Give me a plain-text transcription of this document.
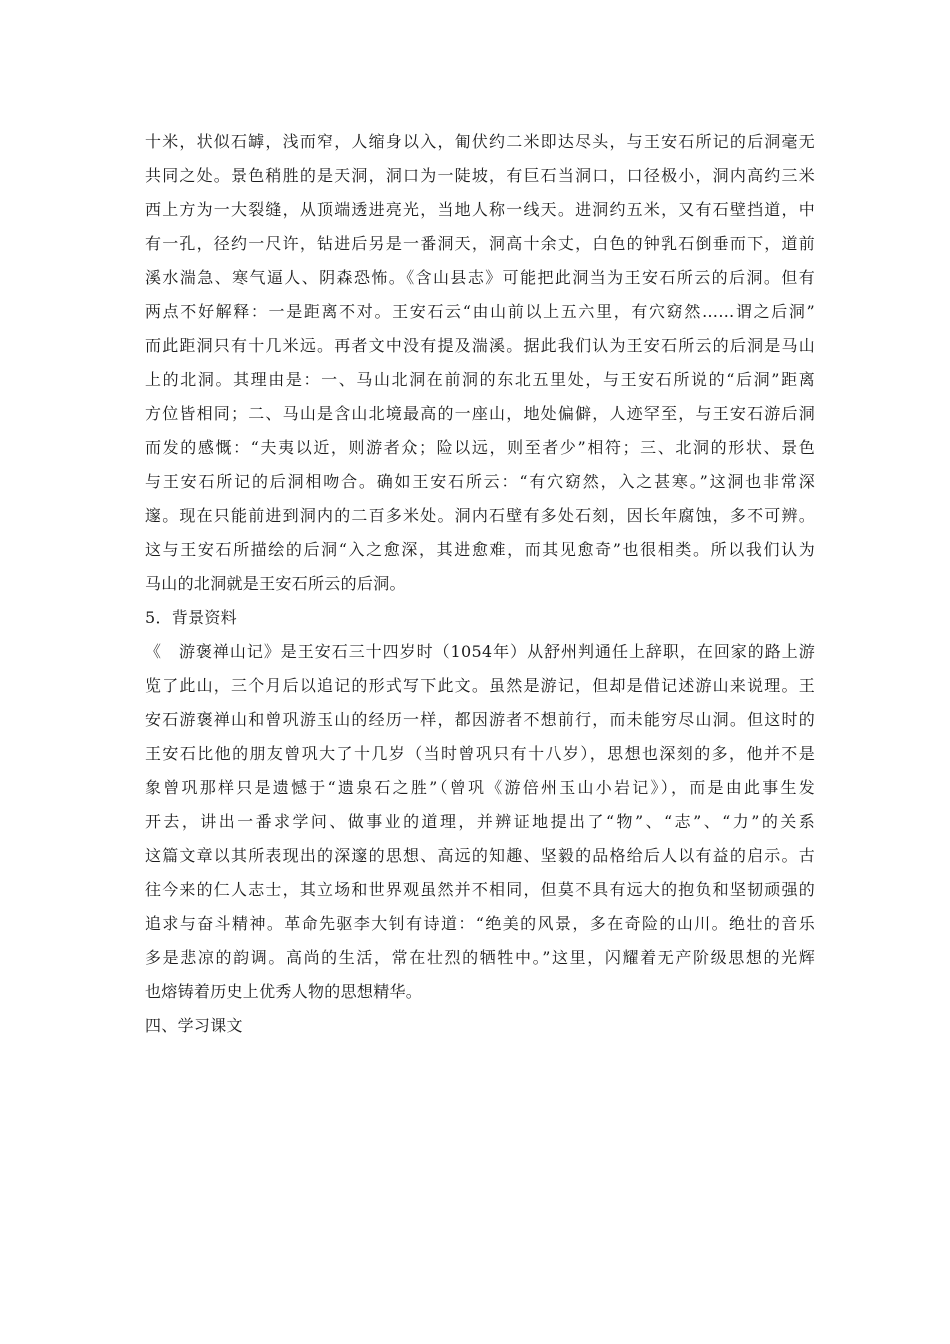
十米，状似石罅，浅而窄，人缩身以入，匍伏约二米即达尽头，与王安石所记的后洞毫无
共同之处。景色稍胜的是天洞，洞口为一陡坡，有巨石当洞口，口径极小，洞内高约三米
西上方为一大裂缝，从顶端透进亮光，当地人称一线天。进洞约五米，又有石壁挡道，中
有一孔，径约一尺许，钻进后另是一番洞天，洞高十余丈，白色的钟乳石倒垂而下，道前
溪水湍急、寒气逼人、阴森恐怖。《含山县志》可能把此洞当为王安石所云的后洞。但有
两点不好解释：一是距离不对。王安石云“由山前以上五六里，有穴窈然……谓之后洞”
而此距洞只有十几米远。再者文中没有提及湍溪。据此我们认为王安石所云的后洞是马山
上的北洞。其理由是：一、马山北洞在前洞的东北五里处，与王安石所说的“后洞”距离
方位皆相同；二、马山是含山北境最高的一座山，地处偏僻，人迹罕至，与王安石游后洞
而发的感慨：“夫夷以近，则游者众；险以远，则至者少”相符；三、北洞的形状、景色
与王安石所记的后洞相吻合。确如王安石所云：“有穴窈然，入之甚寒。”这洞也非常深
邃。现在只能前进到洞内的二百多米处。洞内石壁有多处石刻，因长年腐蚀，多不可辨。
这与王安石所描绘的后洞“入之愈深，其进愈难，而其见愈奇”也很相类。所以我们认为
马山的北洞就是王安石所云的后洞。
5．背景资料
《　游褒禅山记》是王安石三十四岁时（1054年）从舒州判通任上辞职，在回家的路上游
览了此山，三个月后以追记的形式写下此文。虽然是游记，但却是借记述游山来说理。王
安石游褒禅山和曾巩游玉山的经历一样，都因游者不想前行，而未能穷尽山洞。但这时的
王安石比他的朋友曾巩大了十几岁（当时曾巩只有十八岁），思想也深刻的多，他并不是
象曾巩那样只是遗憾于“遗泉石之胜”（曾巩《游倍州玉山小岩记》），而是由此事生发
开去，讲出一番求学问、做事业的道理，并辨证地提出了“物”、“志”、“力”的关系
这篇文章以其所表现出的深邃的思想、高远的知趣、坚毅的品格给后人以有益的启示。古
往今来的仁人志士，其立场和世界观虽然并不相同，但莫不具有远大的抱负和坚韧顽强的
追求与奋斗精神。革命先驱李大钊有诗道：“绝美的风景，多在奇险的山川。绝壮的音乐
多是悲凉的韵调。高尚的生活，常在壮烈的牺牲中。”这里，闪耀着无产阶级思想的光辉
也熔铸着历史上优秀人物的思想精华。
四、学习课文
